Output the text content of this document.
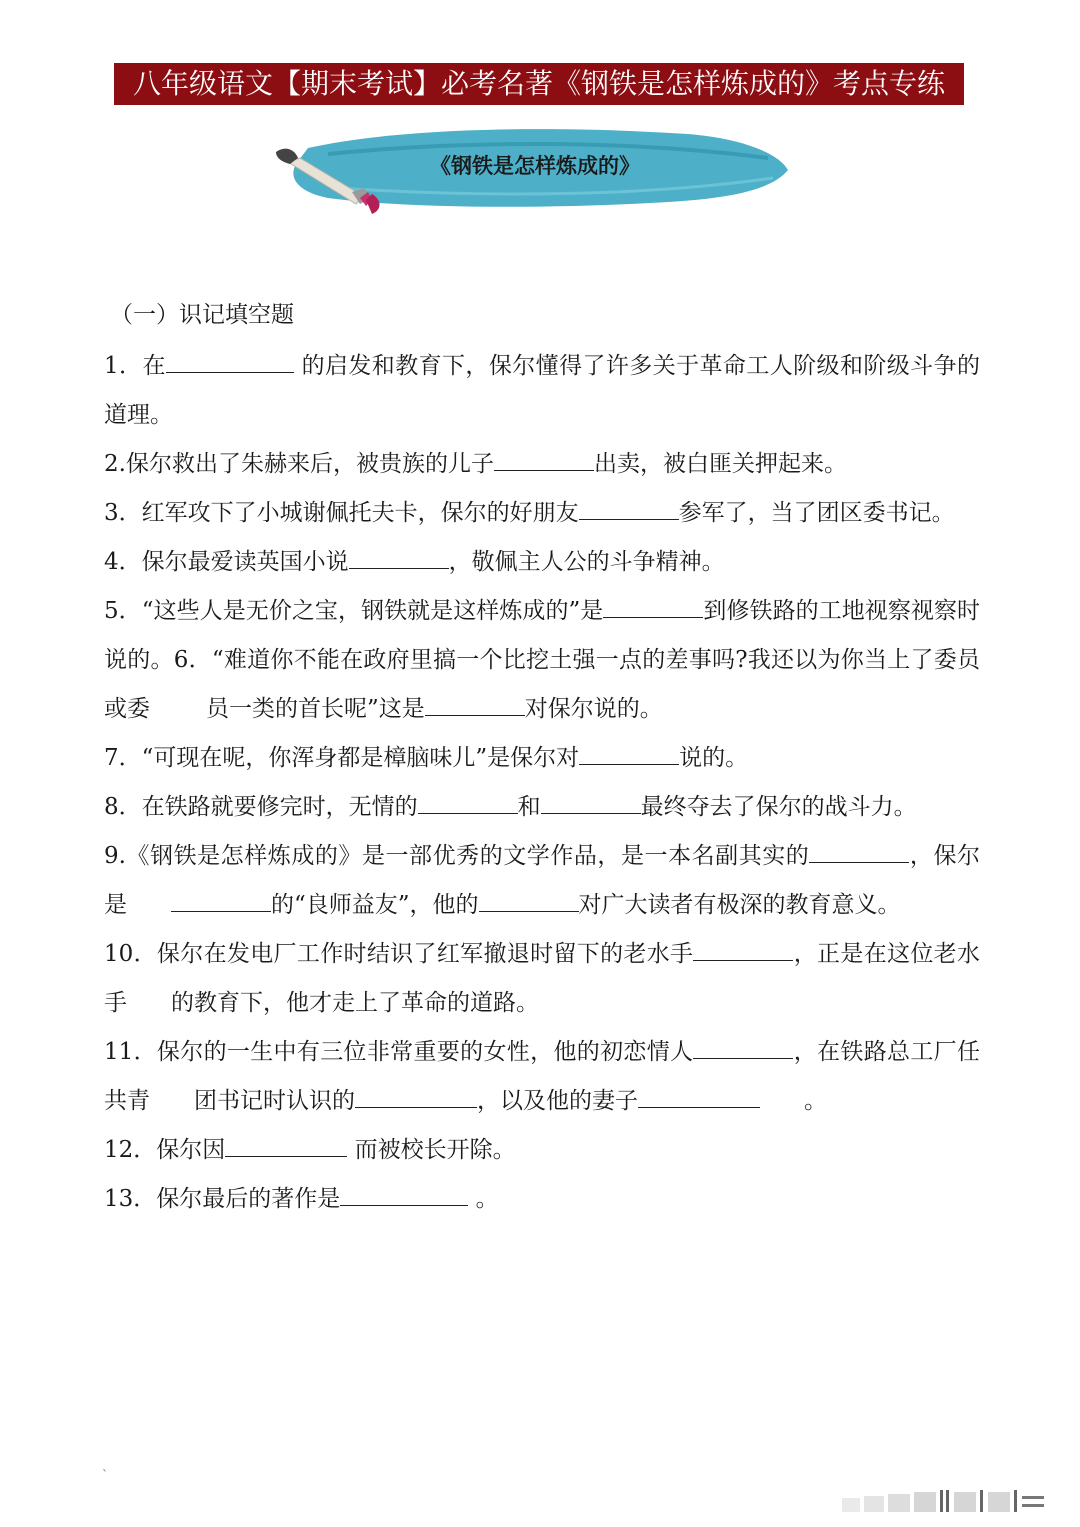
八年级语文【期末考试】必考名著《钢铁是怎样炼成的》考点专练
《钢铁是怎样炼成的》
（一）识记填空题

1．在	的启发和教育下，保尔懂得了许多关于革命工人阶级和阶级斗争的道理。

2.保尔救出了朱赫来后，被贵族的儿子	出卖，被白匪关押起来。

3．红军攻下了小城谢佩托夫卡，保尔的好朋友	参军了，当了团区委书记。

4．保尔最爱读英国小说	，敬佩主人公的斗争精神。

5．“这些人是无价之宝，钢铁就是这样炼成的”是	到修铁路的工地视察视察时说的。6．“难道你不能在政府里搞一个比挖土强一点的差事吗?我还以为你当上了委员或委 员一类的首长呢”这是	对保尔说的。

7．“可现在呢，你浑身都是樟脑味儿”是保尔对	说的。

8．在铁路就要修完时，无情的	和	最终夺去了保尔的战斗力。

9.《钢铁是怎样炼成的》是一部优秀的文学作品，是一本名副其实的	，保尔是	的“良师益友”，他的	对广大读者有极深的教育意义。

10．保尔在发电厂工作时结识了红军撤退时留下的老水手	，正是在这位老水手 的教育下，他才走上了革命的道路。

11．保尔的一生中有三位非常重要的女性，他的初恋情人	，在铁路总工厂任共青 团书记时认识的	，以及他的妻子	。

12．保尔因	而被校长开除。

13．保尔最后的著作是	。

`
